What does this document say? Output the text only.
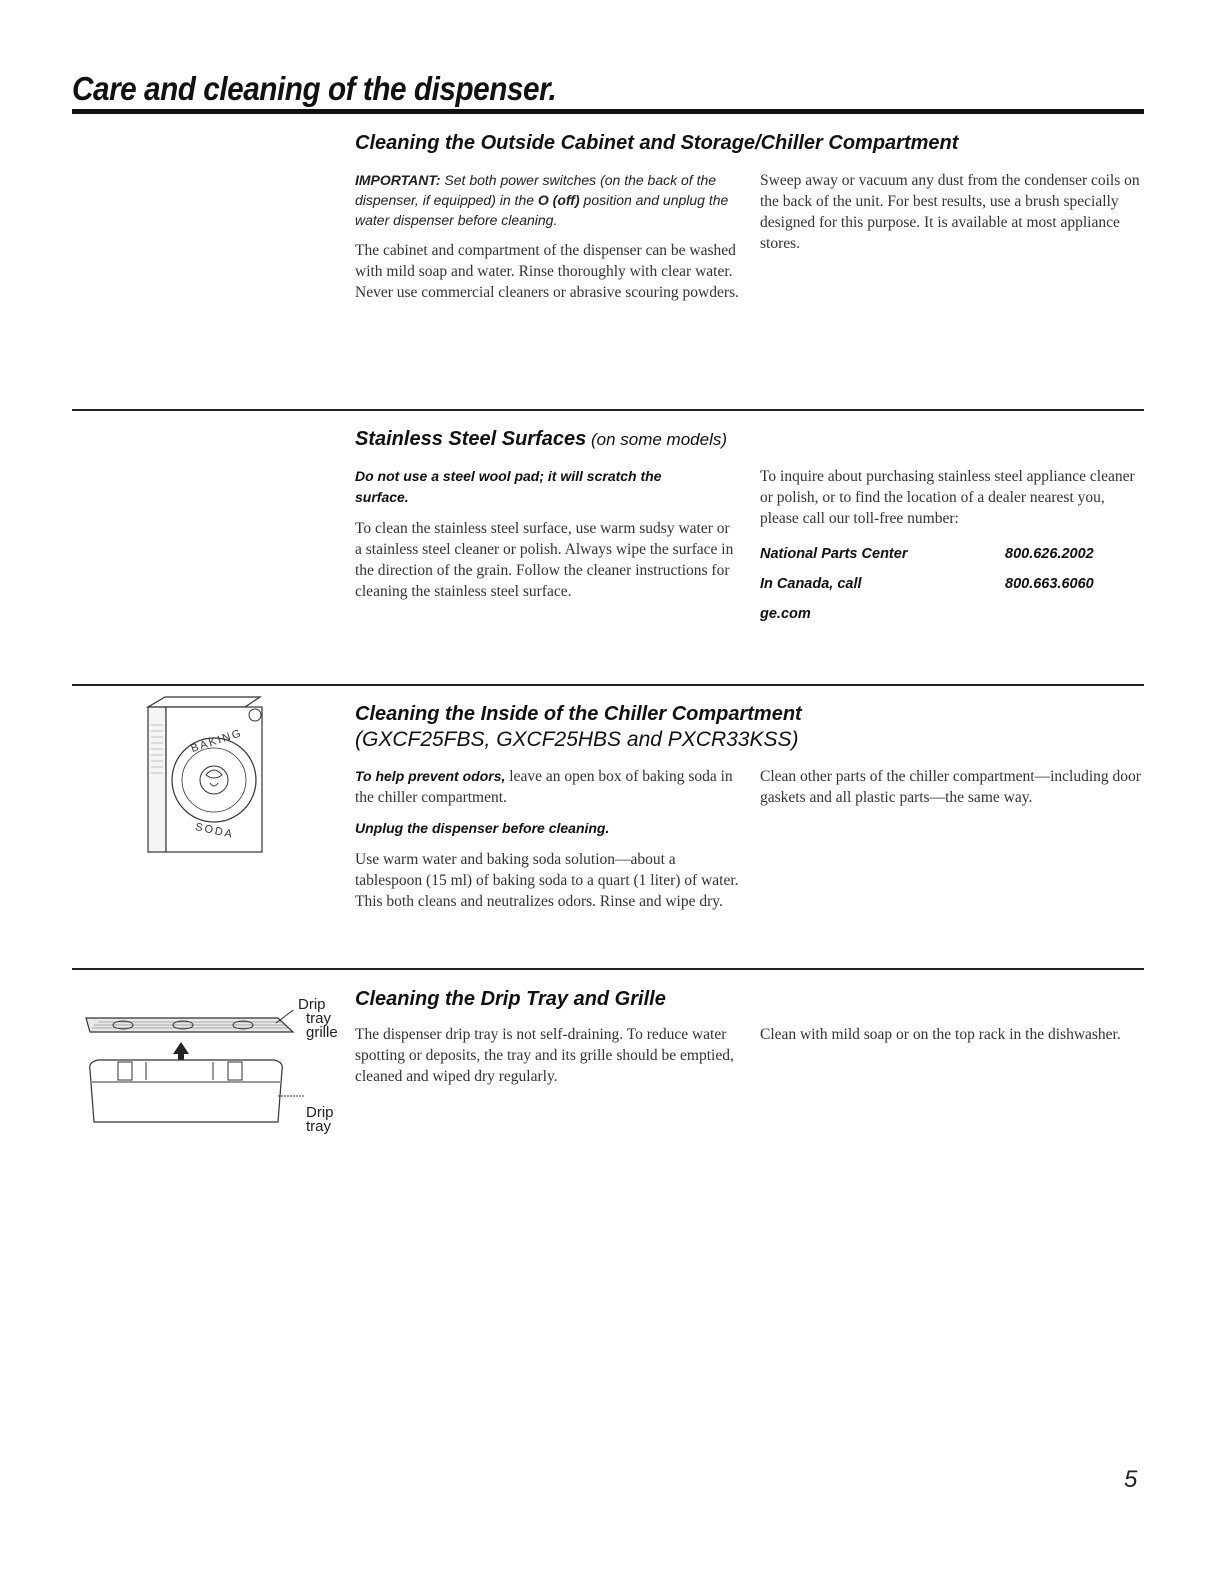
Care and cleaning of the dispenser.
Cleaning the Outside Cabinet and Storage/Chiller Compartment

IMPORTANT: Set both power switches (on the back of the dispenser, if equipped) in the O (off) position and unplug the water dispenser before cleaning.

The cabinet and compartment of the dispenser can be washed with mild soap and water. Rinse thoroughly with clear water. Never use commercial cleaners or abrasive scouring powders.

Sweep away or vacuum any dust from the condenser coils on the back of the unit. For best results, use a brush specially designed for this purpose. It is available at most appliance stores.

Stainless Steel Surfaces (on some models)

Do not use a steel wool pad; it will scratch the surface.

To clean the stainless steel surface, use warm sudsy water or a stainless steel cleaner or polish. Always wipe the surface in the direction of the grain. Follow the cleaner instructions for cleaning the stainless steel surface.

To inquire about purchasing stainless steel appliance cleaner or polish, or to find the location of a dealer nearest you, please call our toll-free number:

National Parts Center	800.626.2002
In Canada, call	800.663.6060
ge.com
BAKING
SODA
Cleaning the Inside of the Chiller Compartment
(GXCF25FBS, GXCF25HBS and PXCR33KSS)

To help prevent odors, leave an open box of baking soda in the chiller compartment.

Unplug the dispenser before cleaning.

Use warm water and baking soda solution—about a tablespoon (15 ml) of baking soda to a quart (1 liter) of water. This both cleans and neutralizes odors. Rinse and wipe dry.

Clean other parts of the chiller compartment—including door gaskets and all plastic parts—the same way.

Drip
tray
grille
Drip
tray
Cleaning the Drip Tray and Grille

The dispenser drip tray is not self-draining. To reduce water spotting or deposits, the tray and its grille should be emptied, cleaned and wiped dry regularly.

Clean with mild soap or on the top rack in the dishwasher.

5
